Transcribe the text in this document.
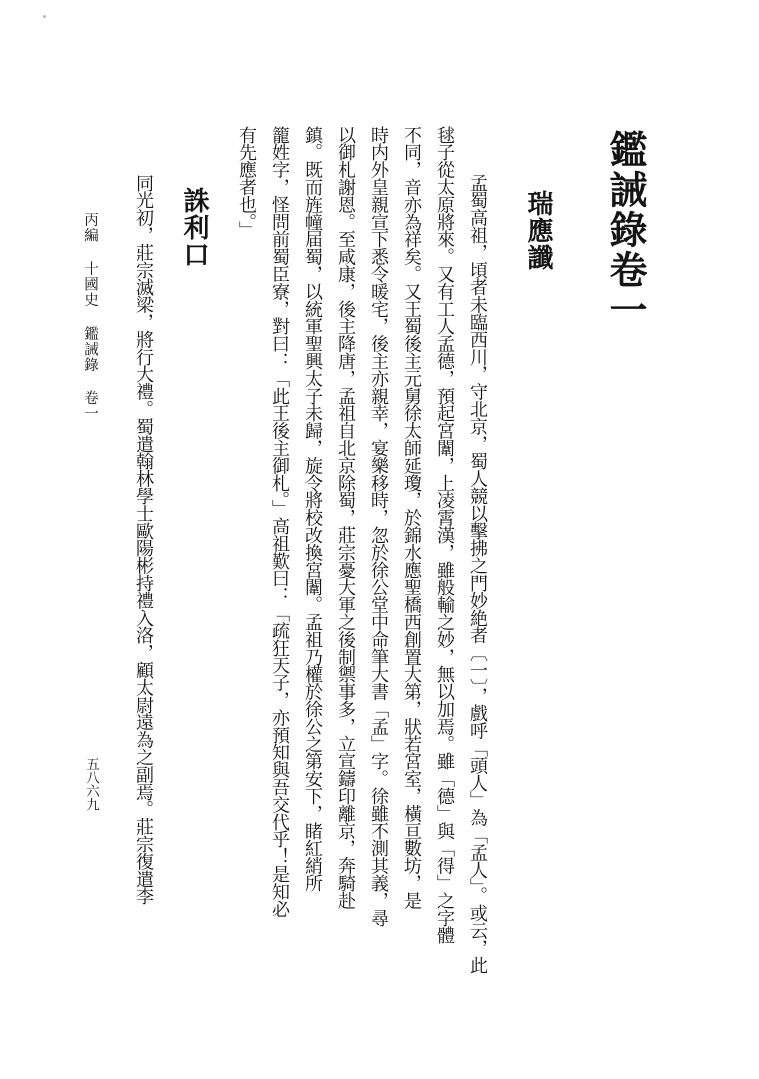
鑑誡錄卷一
瑞應讖
孟蜀高祖，頃者未臨西川，守北京，蜀人競以擊拂之門妙絶者〔一〕，戲呼「頭人」為「孟人」。或云，此
毬子從太原將來。又有工人孟德，預起宮闈，上凌霄漢，雖般輸之妙，無以加焉。雖「德」與「得」之字體
不同，音亦為祥矣。又王蜀後主元舅徐太師延瓊，於錦水應聖橋西創置大第，狀若宮室，橫亘數坊，是
時内外皇親宣下悉令暖宅，後主亦親幸，宴樂移時，忽於徐公堂中命筆大書「孟」字。徐雖不測其義，尋
以御札謝恩。至咸康，後主降唐，孟祖自北京除蜀，莊宗憂大軍之後制禦事多，立宣鑄印離京，奔騎赴
鎮。既而旌幢届蜀，以統軍聖興太子未歸，旋令將校改換宮闈。孟祖乃權於徐公之第安下，睹紅綃所
籠姓字，怪問前蜀臣寮，對曰：「此王後主御札。」高祖歎曰：「疏狂天子，亦預知與吾交代乎！是知必
有先應者也。」
誅利口
同光初，莊宗滅梁，將行大禮。蜀遣翰林學士歐陽彬持禮入洛，顧太尉遠為之副焉。莊宗復遣李
丙編十國史鑑誡錄卷一
五八六九
